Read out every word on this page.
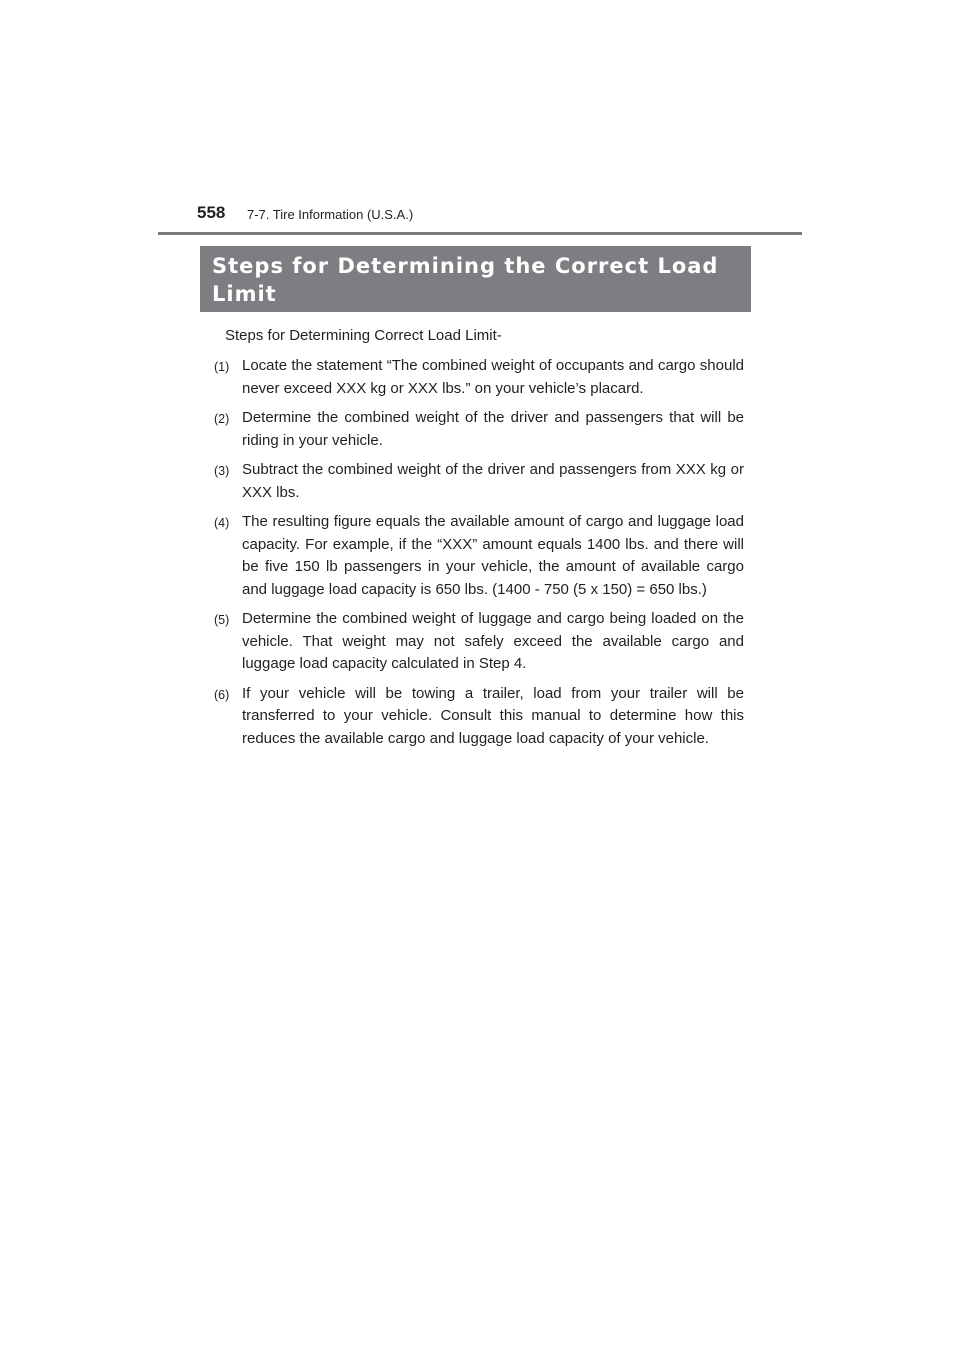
558 7-7. Tire Information (U.S.A.)
Steps for Determining the Correct Load
Limit
Steps for Determining Correct Load Limit-
(1) Locate the statement “The combined weight of occupants and cargo should never exceed XXX kg or XXX lbs.” on your vehicle’s placard.
(2) Determine the combined weight of the driver and passengers that will be riding in your vehicle.
(3) Subtract the combined weight of the driver and passengers from XXX kg or XXX lbs.
(4) The resulting figure equals the available amount of cargo and luggage load capacity. For example, if the “XXX” amount equals 1400 lbs. and there will be five 150 lb passengers in your vehicle, the amount of available cargo and luggage load capacity is 650 lbs. (1400 - 750 (5 x 150) = 650 lbs.)
(5) Determine the combined weight of luggage and cargo being loaded on the vehicle. That weight may not safely exceed the available cargo and luggage load capacity calculated in Step 4.
(6) If your vehicle will be towing a trailer, load from your trailer will be transferred to your vehicle. Consult this manual to determine how this reduces the available cargo and luggage load capacity of your vehicle.
